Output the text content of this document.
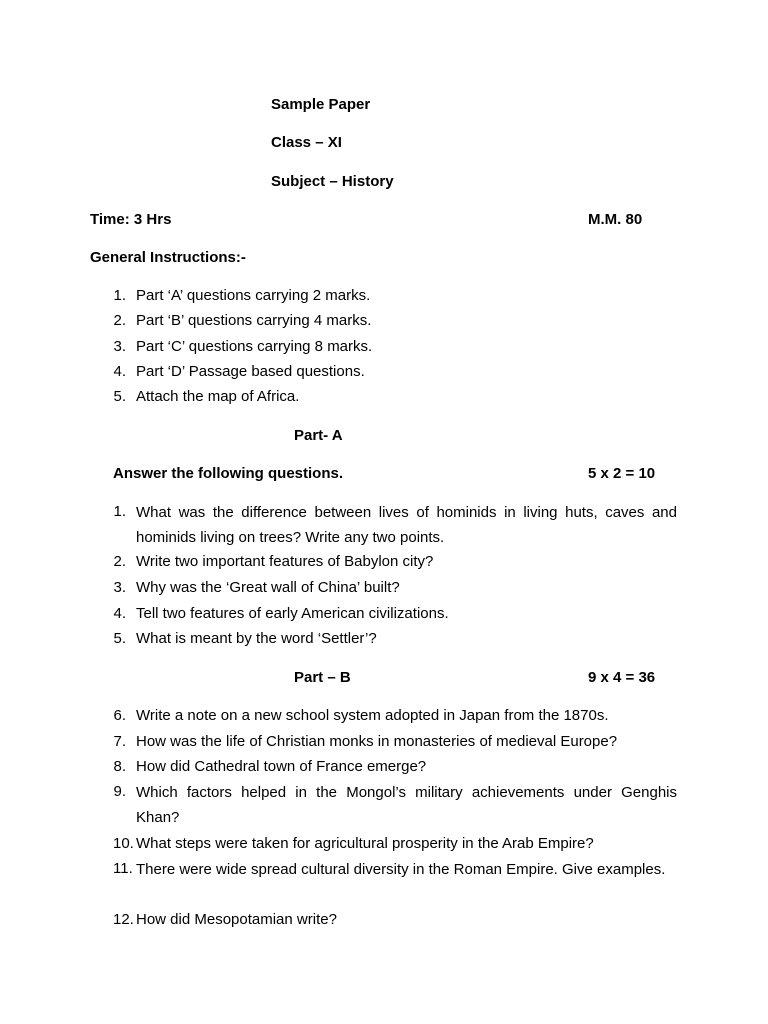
Sample Paper
Class – XI
Subject – History
Time: 3 Hrs	M.M. 80
General Instructions:-
1. Part ‘A’ questions carrying 2 marks.
2. Part ‘B’ questions carrying 4 marks.
3. Part ‘C’ questions carrying 8 marks.
4. Part ‘D’ Passage based questions.
5. Attach the map of Africa.
Part- A
Answer the following questions.	5 x 2 = 10
1. What was the difference between lives of hominids in living huts, caves and hominids living on trees? Write any two points.
2. Write two important features of Babylon city?
3. Why was the ‘Great wall of China’ built?
4. Tell two features of early American civilizations.
5. What is meant by the word ‘Settler’?
Part – B	9 x 4 = 36
6. Write a note on a new school system adopted in Japan from the 1870s.
7. How was the life of Christian monks in monasteries of medieval Europe?
8. How did Cathedral town of France emerge?
9. Which factors helped in the Mongol’s military achievements under Genghis Khan?
10. What steps were taken for agricultural prosperity in the Arab Empire?
11. There were wide spread cultural diversity in the Roman Empire. Give examples.
12. How did Mesopotamian write?
